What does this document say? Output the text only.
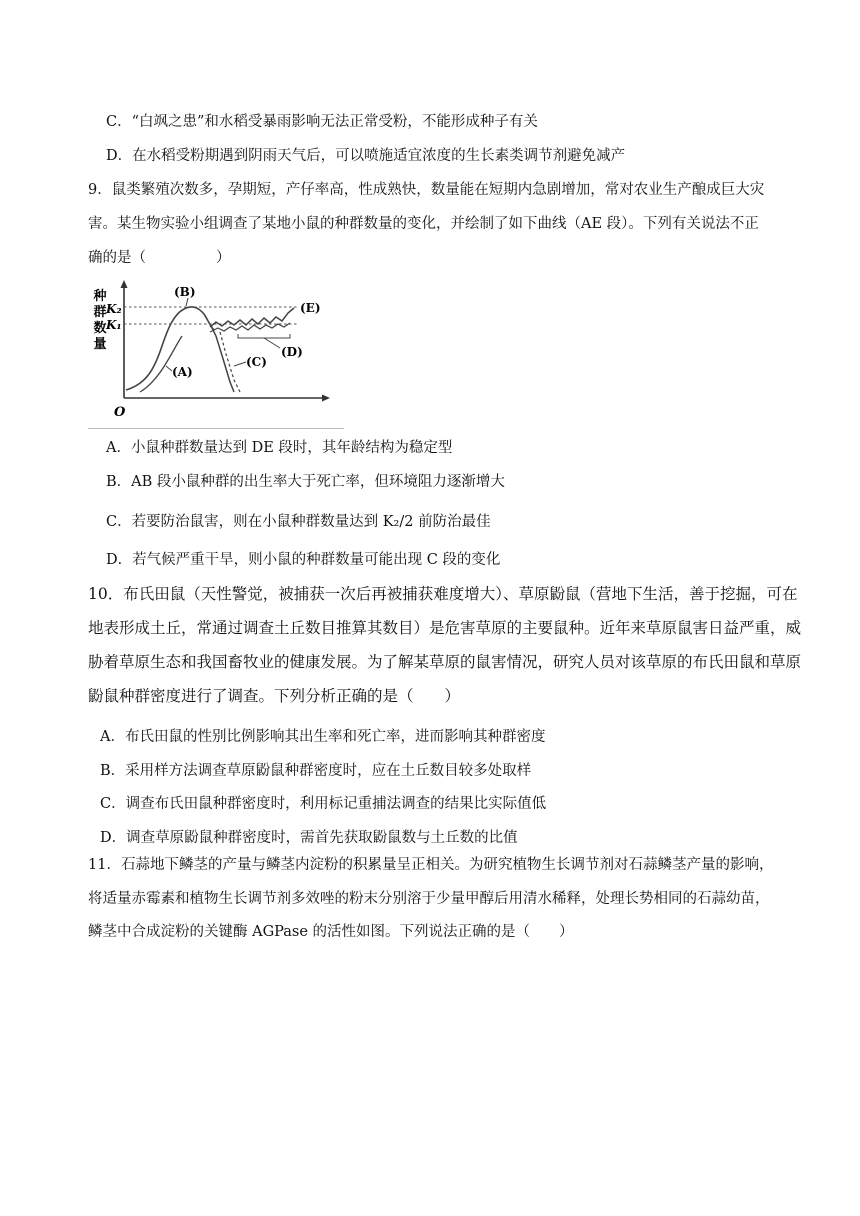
C．“白飒之患”和水稻受暴雨影响无法正常受粉，不能形成种子有关
D．在水稻受粉期遇到阴雨天气后，可以喷施适宜浓度的生长素类调节剂避免减产
9．鼠类繁殖次数多，孕期短，产仔率高，性成熟快，数量能在短期内急剧增加，常对农业生产酿成巨大灾
害。某生物实验小组调查了某地小鼠的种群数量的变化，并绘制了如下曲线（AE 段）。下列有关说法不正
确的是（	）
种
群
数
量
K₂
K₁
O
(B)
(A)
(C)
(D)
(E)
A．小鼠种群数量达到 DE 段时，其年龄结构为稳定型
B．AB 段小鼠种群的出生率大于死亡率，但环境阻力逐渐增大
C．若要防治鼠害，则在小鼠种群数量达到 K₂/2 前防治最佳
D．若气候严重干旱，则小鼠的种群数量可能出现 C 段的变化
10．布氏田鼠（天性警觉，被捕获一次后再被捕获难度增大）、草原鼢鼠（营地下生活，善于挖掘，可在
地表形成土丘，常通过调查土丘数目推算其数目）是危害草原的主要鼠种。近年来草原鼠害日益严重，威
胁着草原生态和我国畜牧业的健康发展。为了解某草原的鼠害情况，研究人员对该草原的布氏田鼠和草原
鼢鼠种群密度进行了调查。下列分析正确的是（　　）
A．布氏田鼠的性别比例影响其出生率和死亡率，进而影响其种群密度
B．采用样方法调查草原鼢鼠种群密度时，应在土丘数目较多处取样
C．调查布氏田鼠种群密度时，利用标记重捕法调查的结果比实际值低
D．调查草原鼢鼠种群密度时，需首先获取鼢鼠数与土丘数的比值
11．石蒜地下鳞茎的产量与鳞茎内淀粉的积累量呈正相关。为研究植物生长调节剂对石蒜鳞茎产量的影响，
将适量赤霉素和植物生长调节剂多效唑的粉末分别溶于少量甲醇后用清水稀释，处理长势相同的石蒜幼苗，
鳞茎中合成淀粉的关键酶 AGPase 的活性如图。下列说法正确的是（　　）
